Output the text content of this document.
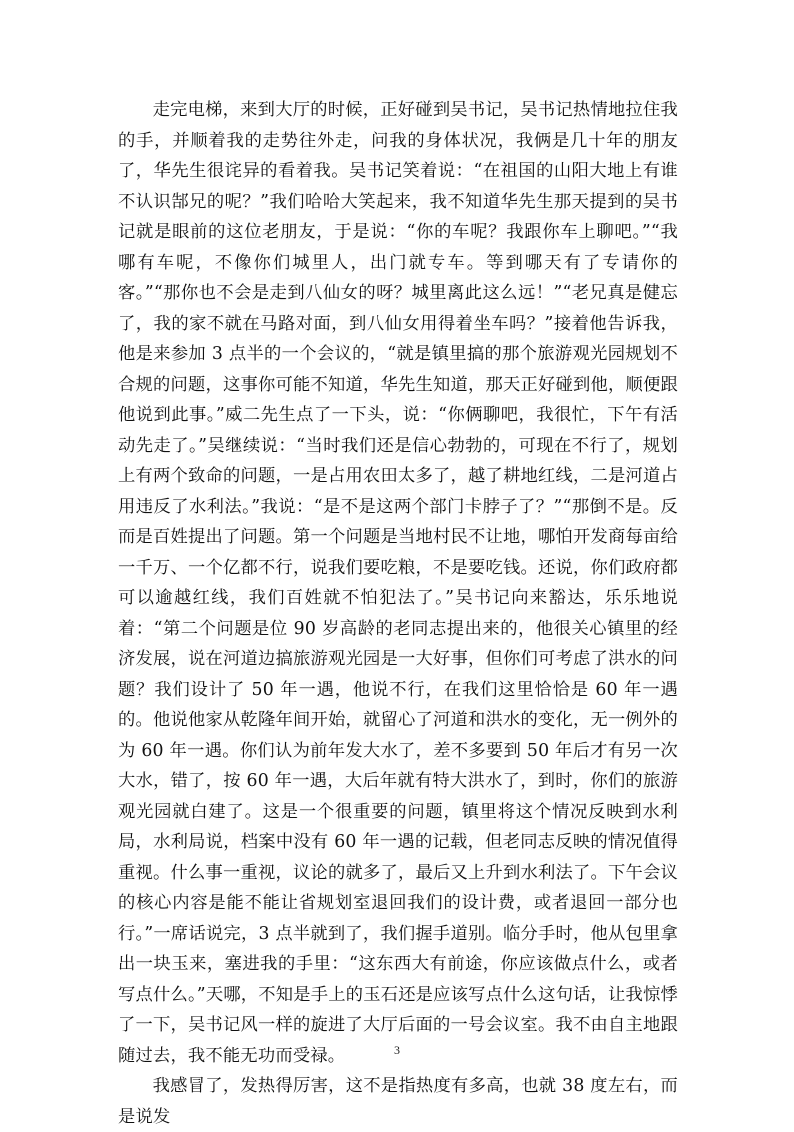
走完电梯，来到大厅的时候，正好碰到吴书记，吴书记热情地拉住我的手，并顺着我的走势往外走，问我的身体状况，我俩是几十年的朋友了，华先生很诧异的看着我。吴书记笑着说：“在祖国的山阳大地上有谁不认识郜兄的呢？”我们哈哈大笑起来，我不知道华先生那天提到的吴书记就是眼前的这位老朋友，于是说：“你的车呢？我跟你车上聊吧。”“我哪有车呢，不像你们城里人，出门就专车。等到哪天有了专请你的客。”“那你也不会是走到八仙女的呀？城里离此这么远！”“老兄真是健忘了，我的家不就在马路对面，到八仙女用得着坐车吗？”接着他告诉我，他是来参加 3 点半的一个会议的，“就是镇里搞的那个旅游观光园规划不合规的问题，这事你可能不知道，华先生知道，那天正好碰到他，顺便跟他说到此事。”威二先生点了一下头，说：“你俩聊吧，我很忙，下午有活动先走了。”吴继续说：“当时我们还是信心勃勃的，可现在不行了，规划上有两个致命的问题，一是占用农田太多了，越了耕地红线，二是河道占用违反了水利法。”我说：“是不是这两个部门卡脖子了？”“那倒不是。反而是百姓提出了问题。第一个问题是当地村民不让地，哪怕开发商每亩给一千万、一个亿都不行，说我们要吃粮，不是要吃钱。还说，你们政府都可以逾越红线，我们百姓就不怕犯法了。”吴书记向来豁达，乐乐地说着：“第二个问题是位 90 岁高龄的老同志提出来的，他很关心镇里的经济发展，说在河道边搞旅游观光园是一大好事，但你们可考虑了洪水的问题？我们设计了 50 年一遇，他说不行，在我们这里恰恰是 60 年一遇的。他说他家从乾隆年间开始，就留心了河道和洪水的变化，无一例外的为 60 年一遇。你们认为前年发大水了，差不多要到 50 年后才有另一次大水，错了，按 60 年一遇，大后年就有特大洪水了，到时，你们的旅游观光园就白建了。这是一个很重要的问题，镇里将这个情况反映到水利局，水利局说，档案中没有 60 年一遇的记载，但老同志反映的情况值得重视。什么事一重视，议论的就多了，最后又上升到水利法了。下午会议的核心内容是能不能让省规划室退回我们的设计费，或者退回一部分也行。”一席话说完，3 点半就到了，我们握手道别。临分手时，他从包里拿出一块玉来，塞进我的手里：“这东西大有前途，你应该做点什么，或者写点什么。”天哪，不知是手上的玉石还是应该写点什么这句话，让我惊悸了一下，吴书记风一样的旋进了大厅后面的一号会议室。我不由自主地跟随过去，我不能无功而受禄。

我感冒了，发热得厉害，这不是指热度有多高，也就 38 度左右，而是说发

3
